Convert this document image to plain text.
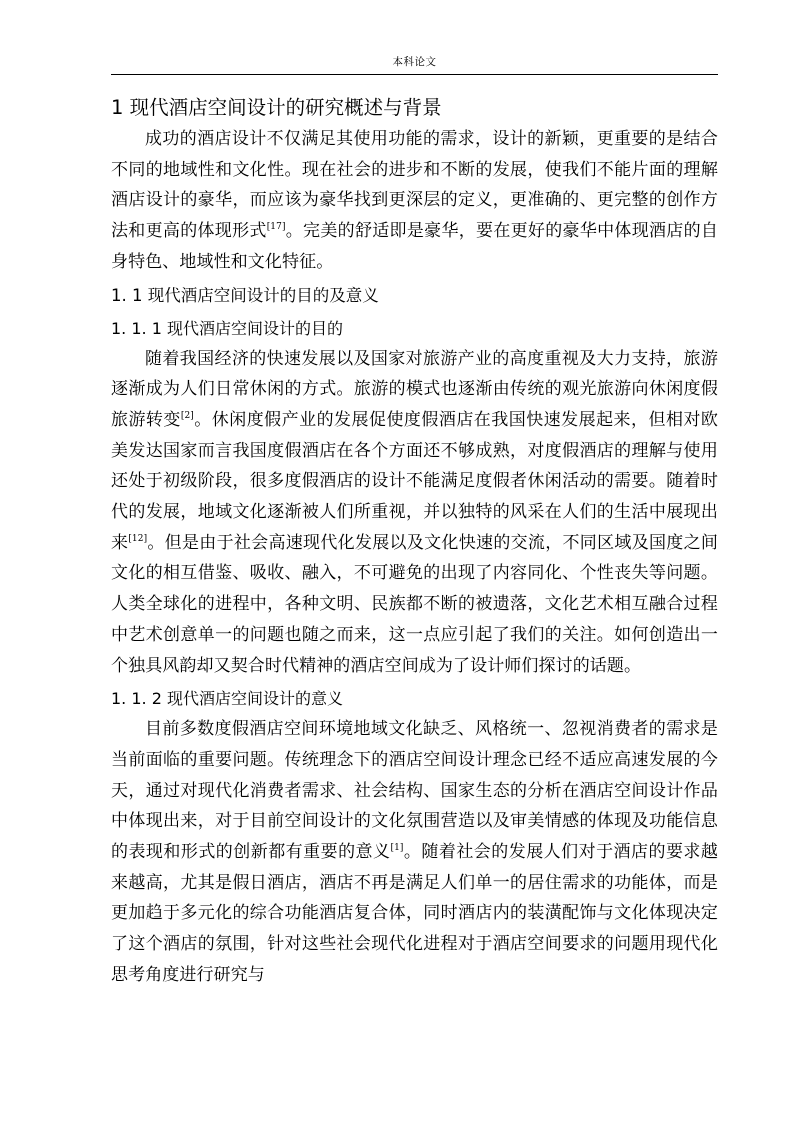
本科论文
1 现代酒店空间设计的研究概述与背景

成功的酒店设计不仅满足其使用功能的需求，设计的新颖，更重要的是结合不同的地域性和文化性。现在社会的进步和不断的发展，使我们不能片面的理解酒店设计的豪华，而应该为豪华找到更深层的定义，更准确的、更完整的创作方法和更高的体现形式[17]。完美的舒适即是豪华，要在更好的豪华中体现酒店的自身特色、地域性和文化特征。

1. 1 现代酒店空间设计的目的及意义
1. 1. 1 现代酒店空间设计的目的

随着我国经济的快速发展以及国家对旅游产业的高度重视及大力支持，旅游逐渐成为人们日常休闲的方式。旅游的模式也逐渐由传统的观光旅游向休闲度假旅游转变[2]。休闲度假产业的发展促使度假酒店在我国快速发展起来，但相对欧美发达国家而言我国度假酒店在各个方面还不够成熟，对度假酒店的理解与使用还处于初级阶段，很多度假酒店的设计不能满足度假者休闲活动的需要。随着时代的发展，地域文化逐渐被人们所重视，并以独特的风采在人们的生活中展现出来[12]。但是由于社会高速现代化发展以及文化快速的交流，不同区域及国度之间文化的相互借鉴、吸收、融入，不可避免的出现了内容同化、个性丧失等问题。人类全球化的进程中，各种文明、民族都不断的被遗落，文化艺术相互融合过程中艺术创意单一的问题也随之而来，这一点应引起了我们的关注。如何创造出一个独具风韵却又契合时代精神的酒店空间成为了设计师们探讨的话题。

1. 1. 2 现代酒店空间设计的意义

目前多数度假酒店空间环境地域文化缺乏、风格统一、忽视消费者的需求是当前面临的重要问题。传统理念下的酒店空间设计理念已经不适应高速发展的今天，通过对现代化消费者需求、社会结构、国家生态的分析在酒店空间设计作品中体现出来，对于目前空间设计的文化氛围营造以及审美情感的体现及功能信息的表现和形式的创新都有重要的意义[1]。随着社会的发展人们对于酒店的要求越来越高，尤其是假日酒店，酒店不再是满足人们单一的居住需求的功能体，而是更加趋于多元化的综合功能酒店复合体，同时酒店内的装潢配饰与文化体现决定了这个酒店的氛围，针对这些社会现代化进程对于酒店空间要求的问题用现代化思考角度进行研究与
